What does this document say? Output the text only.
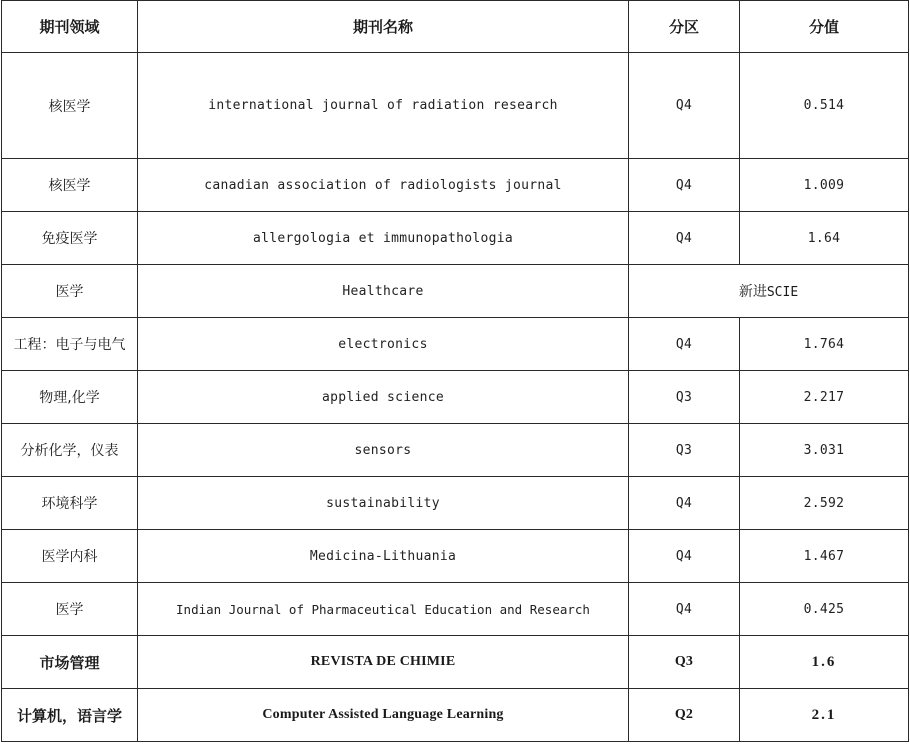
期刊领域	期刊名称	分区	分值
核医学	international journal of radiation research	Q4	0.514
核医学	canadian association of radiologists journal	Q4	1.009
免疫医学	allergologia et immunopathologia	Q4	1.64
医学	Healthcare	新进SCIE	
工程：电子与电气	electronics	Q4	1.764
物理,化学	applied science	Q3	2.217
分析化学，仪表	sensors	Q3	3.031
环境科学	sustainability	Q4	2.592
医学内科	Medicina-Lithuania	Q4	1.467
医学	Indian Journal of Pharmaceutical Education and Research	Q4	0.425
市场管理	REVISTA DE CHIMIE	Q3	1.6
计算机，语言学	Computer Assisted Language Learning	Q2	2.1
